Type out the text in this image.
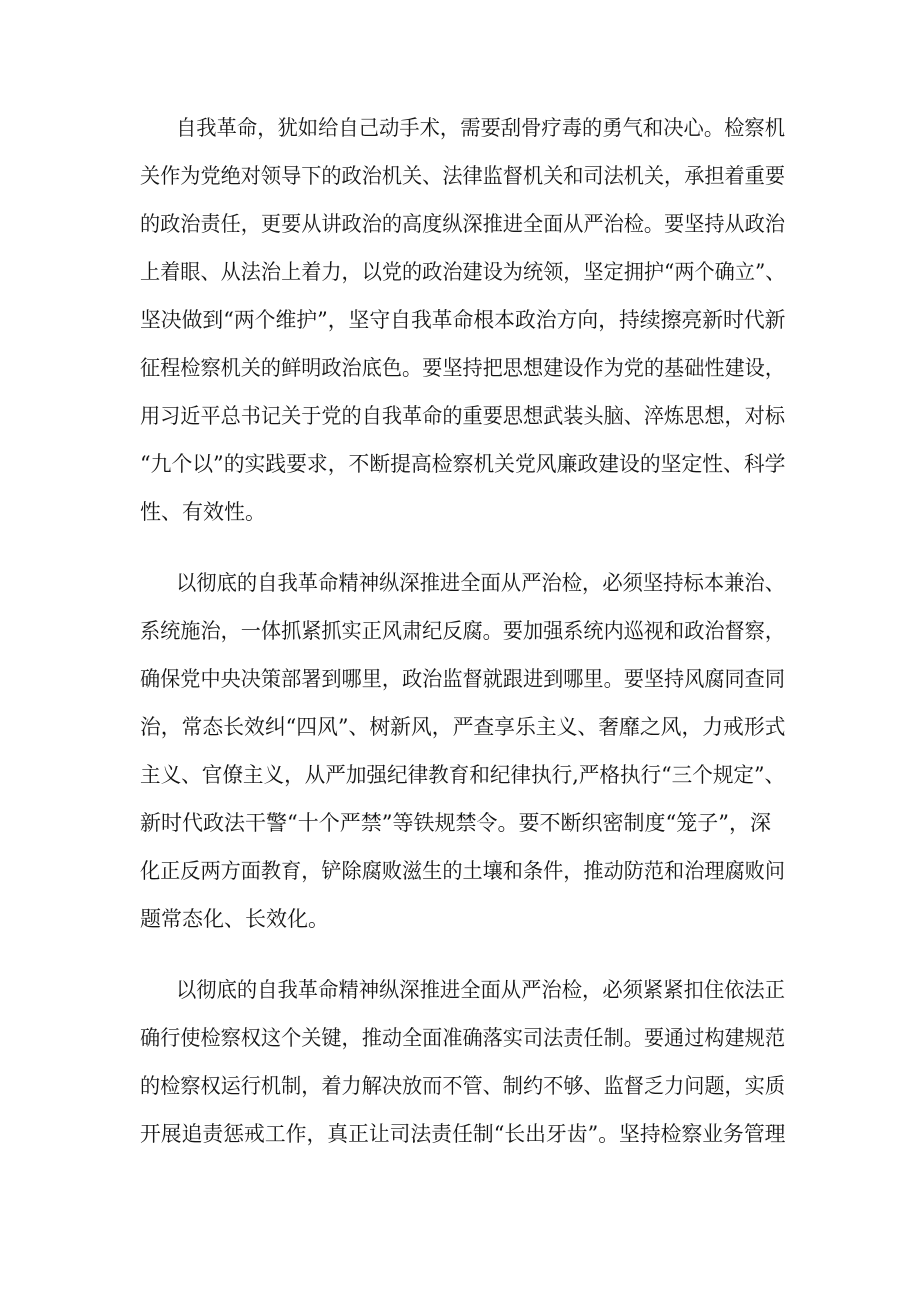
自我革命，犹如给自己动手术，需要刮骨疗毒的勇气和决心。检察机
关作为党绝对领导下的政治机关、法律监督机关和司法机关，承担着重要
的政治责任，更要从讲政治的高度纵深推进全面从严治检。要坚持从政治
上着眼、从法治上着力，以党的政治建设为统领，坚定拥护“两个确立”、
坚决做到“两个维护”，坚守自我革命根本政治方向，持续擦亮新时代新
征程检察机关的鲜明政治底色。要坚持把思想建设作为党的基础性建设，
用习近平总书记关于党的自我革命的重要思想武装头脑、淬炼思想，对标
“九个以”的实践要求，不断提高检察机关党风廉政建设的坚定性、科学
性、有效性。
以彻底的自我革命精神纵深推进全面从严治检，必须坚持标本兼治、
系统施治，一体抓紧抓实正风肃纪反腐。要加强系统内巡视和政治督察，
确保党中央决策部署到哪里，政治监督就跟进到哪里。要坚持风腐同查同
治，常态长效纠“四风”、树新风，严查享乐主义、奢靡之风，力戒形式
主义、官僚主义，从严加强纪律教育和纪律执行,严格执行“三个规定”、
新时代政法干警“十个严禁”等铁规禁令。要不断织密制度“笼子”，深
化正反两方面教育，铲除腐败滋生的土壤和条件，推动防范和治理腐败问
题常态化、长效化。
以彻底的自我革命精神纵深推进全面从严治检，必须紧紧扣住依法正
确行使检察权这个关键，推动全面准确落实司法责任制。要通过构建规范
的检察权运行机制，着力解决放而不管、制约不够、监督乏力问题，实质
开展追责惩戒工作，真正让司法责任制“长出牙齿”。坚持检察业务管理
